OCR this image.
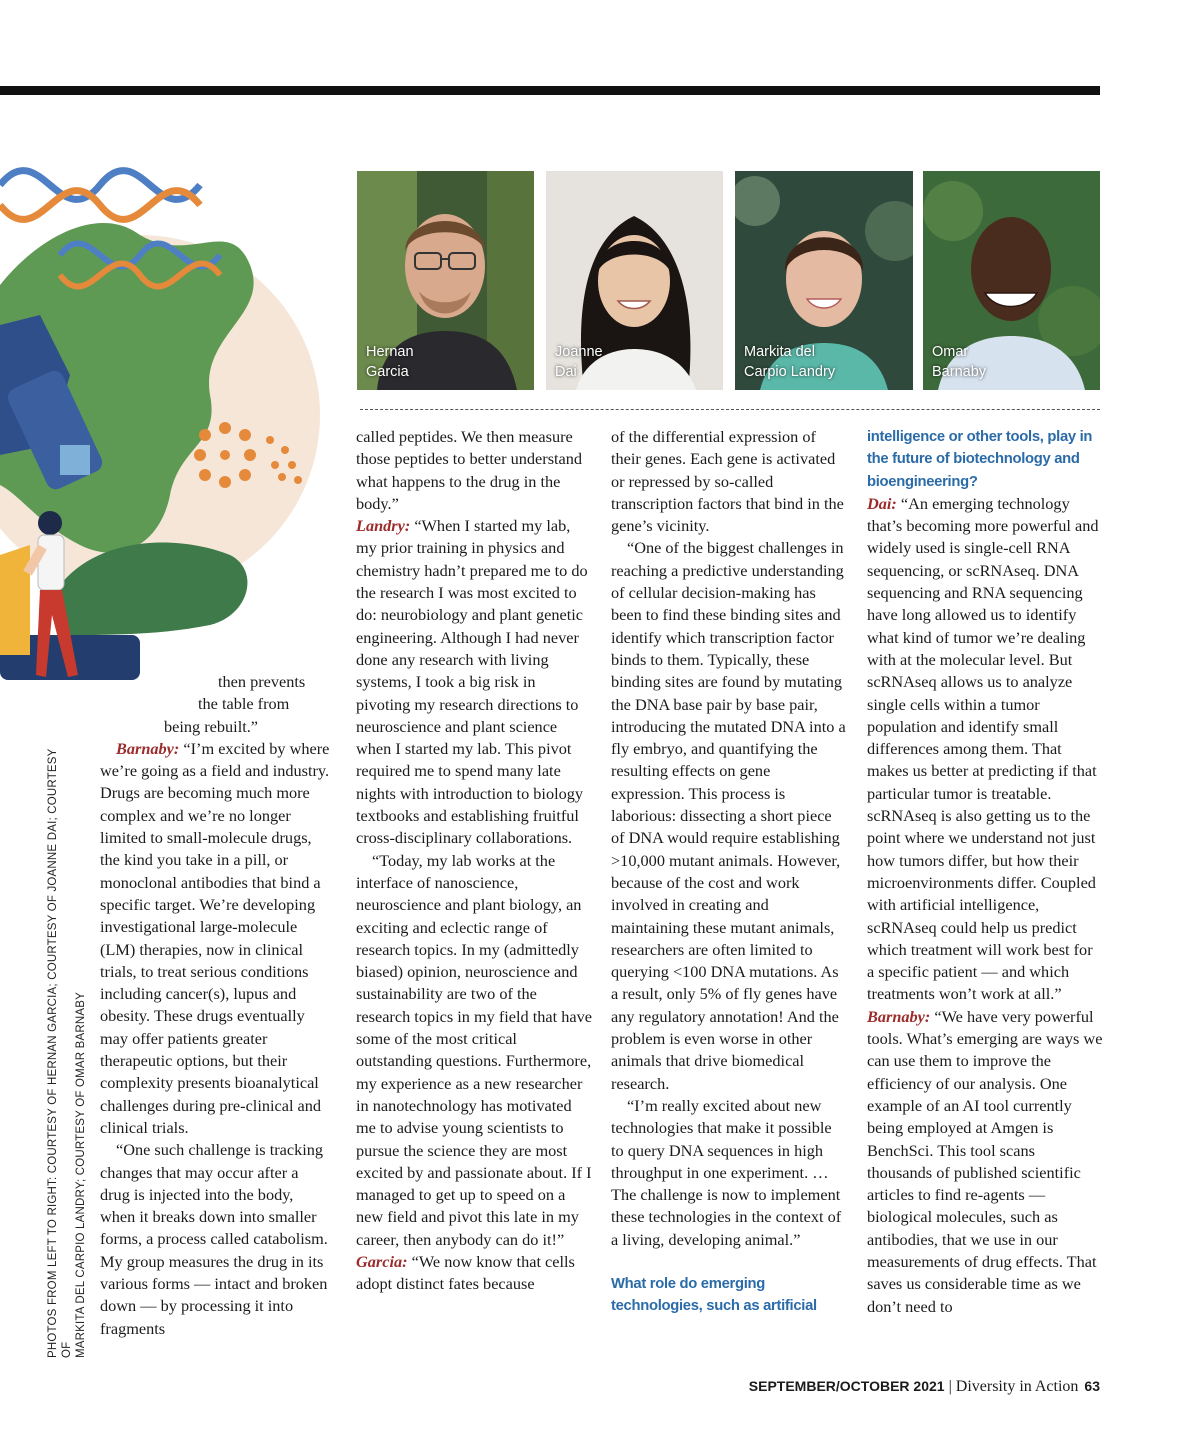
PHOTOS FROM LEFT TO RIGHT: COURTESY OF HERNAN GARCIA; COURTESY OF JOANNE DAI; COURTESY OF MARKITA DEL CARPIO LANDRY; COURTESY OF OMAR BARNABY
Hernan
Garcia
Joanne
Dai
Markita del
Carpio Landry
Omar
Barnaby

then prevents

the table from

being rebuilt.”

Barnaby: “I’m excited by where we’re going as a field and industry. Drugs are becoming much more complex and we’re no longer limited to small-molecule drugs, the kind you take in a pill, or monoclonal antibodies that bind a specific target. We’re developing investigational large-molecule (LM) therapies, now in clinical trials, to treat serious conditions including cancer(s), lupus and obesity. These drugs eventually may offer patients greater therapeutic options, but their complexity presents bioanalytical challenges during pre-clinical and clinical trials.

“One such challenge is tracking changes that may occur after a drug is injected into the body, when it breaks down into smaller forms, a process called catabolism. My group measures the drug in its various forms — intact and broken down — by processing it into fragments

called peptides. We then measure those peptides to better understand what happens to the drug in the body.”

Landry: “When I started my lab, my prior training in physics and chemistry hadn’t prepared me to do the research I was most excited to do: neurobiology and plant genetic engineering. Although I had never done any research with living systems, I took a big risk in pivoting my research directions to neuroscience and plant science when I started my lab. This pivot required me to spend many late nights with introduction to biology textbooks and establishing fruitful cross-disciplinary collaborations.

“Today, my lab works at the interface of nanoscience, neuroscience and plant biology, an exciting and eclectic range of research topics. In my (admittedly biased) opinion, neuroscience and sustainability are two of the research topics in my field that have some of the most critical outstanding questions. Furthermore, my experience as a new researcher in nanotechnology has motivated me to advise young scientists to pursue the science they are most excited by and passionate about. If I managed to get up to speed on a new field and pivot this late in my career, then anybody can do it!”

Garcia: “We now know that cells adopt distinct fates because

of the differential expression of their genes. Each gene is activated or repressed by so-called transcription factors that bind in the gene’s vicinity.

“One of the biggest challenges in reaching a predictive understanding of cellular decision-making has been to find these binding sites and identify which transcription factor binds to them. Typically, these binding sites are found by mutating the DNA base pair by base pair, introducing the mutated DNA into a fly embryo, and quantifying the resulting effects on gene expression. This process is laborious: dissecting a short piece of DNA would require establishing >10,000 mutant animals. However, because of the cost and work involved in creating and maintaining these mutant animals, researchers are often limited to querying <100 DNA mutations. As a result, only 5% of fly genes have any regulatory annotation! And the problem is even worse in other animals that drive biomedical research.

“I’m really excited about new technologies that make it possible to query DNA sequences in high throughput in one experiment. … The challenge is now to implement these technologies in the context of a living, developing animal.”

What role do emerging technologies, such as artificial

intelligence or other tools, play in the future of biotechnology and bioengineering?

Dai: “An emerging technology that’s becoming more powerful and widely used is single-cell RNA sequencing, or scRNAseq. DNA sequencing and RNA sequencing have long allowed us to identify what kind of tumor we’re dealing with at the molecular level. But scRNAseq allows us to analyze single cells within a tumor population and identify small differences among them. That makes us better at predicting if that particular tumor is treatable. scRNAseq is also getting us to the point where we understand not just how tumors differ, but how their microenvironments differ. Coupled with artificial intelligence, scRNAseq could help us predict which treatment will work best for a specific patient — and which treatments won’t work at all.”

Barnaby: “We have very powerful tools. What’s emerging are ways we can use them to improve the efficiency of our analysis. One example of an AI tool currently being employed at Amgen is BenchSci. This tool scans thousands of published scientific articles to find re-agents — biological molecules, such as antibodies, that we use in our measurements of drug effects. That saves us considerable time as we don’t need to

SEPTEMBER/OCTOBER 2021 | Diversity in Action 63
